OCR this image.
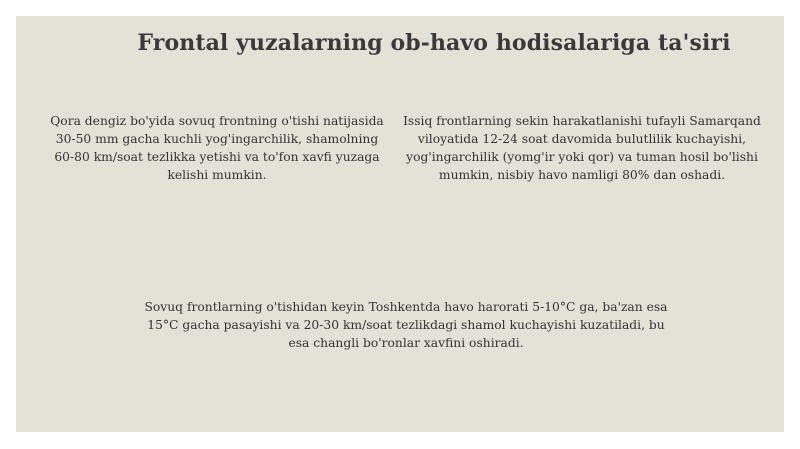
Frontal yuzalarning ob-havo hodisalariga ta'siri
Qora dengiz bo'yida sovuq frontning o'tishi natijasida 30-50 mm gacha kuchli yog'ingarchilik, shamolning 60-80 km/soat tezlikka yetishi va to'fon xavfi yuzaga kelishi mumkin.
Issiq frontlarning sekin harakatlanishi tufayli Samarqand viloyatida 12-24 soat davomida bulutlilik kuchayishi, yog'ingarchilik (yomg'ir yoki qor) va tuman hosil bo'lishi mumkin, nisbiy havo namligi 80% dan oshadi.
Sovuq frontlarning o'tishidan keyin Toshkentda havo harorati 5-10°C ga, ba'zan esa 15°C gacha pasayishi va 20-30 km/soat tezlikdagi shamol kuchayishi kuzatiladi, bu esa changli bo'ronlar xavfini oshiradi.
